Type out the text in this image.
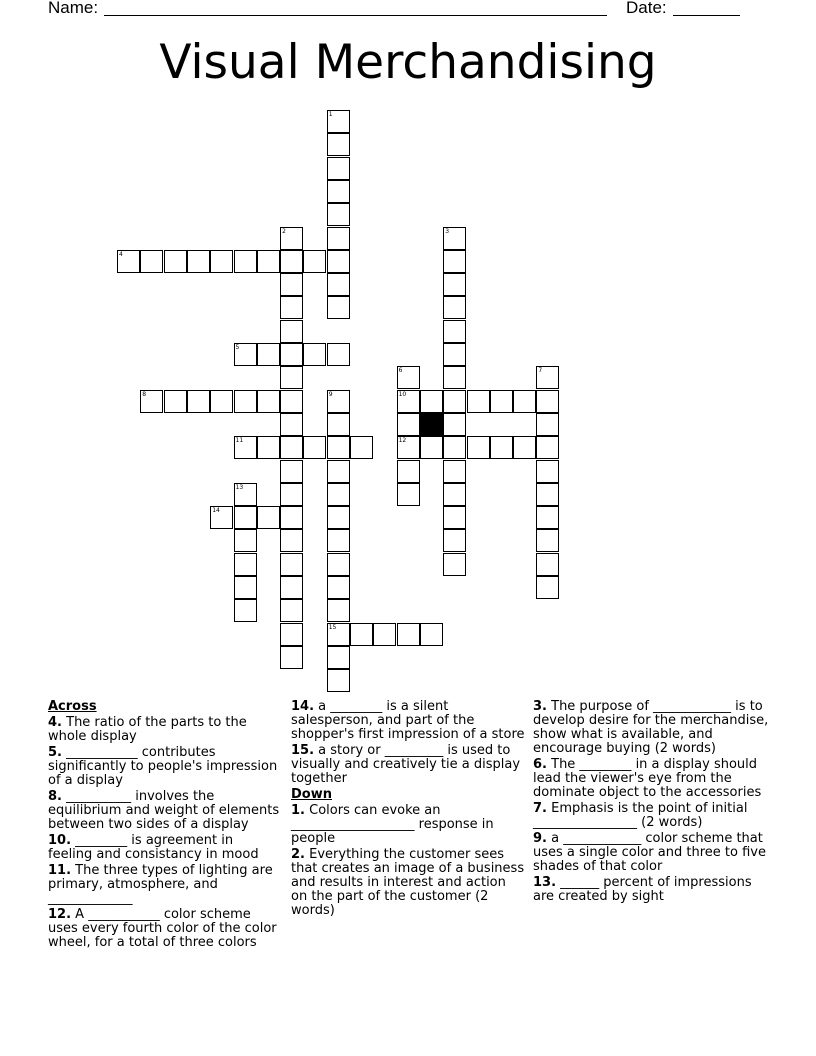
Name:	Date:
Visual Merchandising
1
2	3
6
10
12
7
9
15
13
4
5
8
11
14
Across

4. The ratio of the parts to the whole display

5. ___________ contributes significantly to people's impression of a display

8. __________ involves the equilibrium and weight of elements between two sides of a display

10. ________ is agreement in feeling and consistancy in mood

11. The three types of lighting are primary, atmosphere, and _____________

12. A ___________ color scheme uses every fourth color of the color wheel, for a total of three colors

14. a ________ is a silent salesperson, and part of the shopper's first impression of a store

15. a story or _________ is used to visually and creatively tie a display together

Down

1. Colors can evoke an ___________________ response in people

2. Everything the customer sees that creates an image of a business and results in interest and action on the part of the customer (2 words)

3. The purpose of ____________ is to develop desire for the merchandise, show what is available, and encourage buying (2 words)

6. The ________ in a display should lead the viewer's eye from the dominate object to the accessories

7. Emphasis is the point of initial ________________ (2 words)

9. a ____________ color scheme that uses a single color and three to five shades of that color

13. ______ percent of impressions are created by sight
